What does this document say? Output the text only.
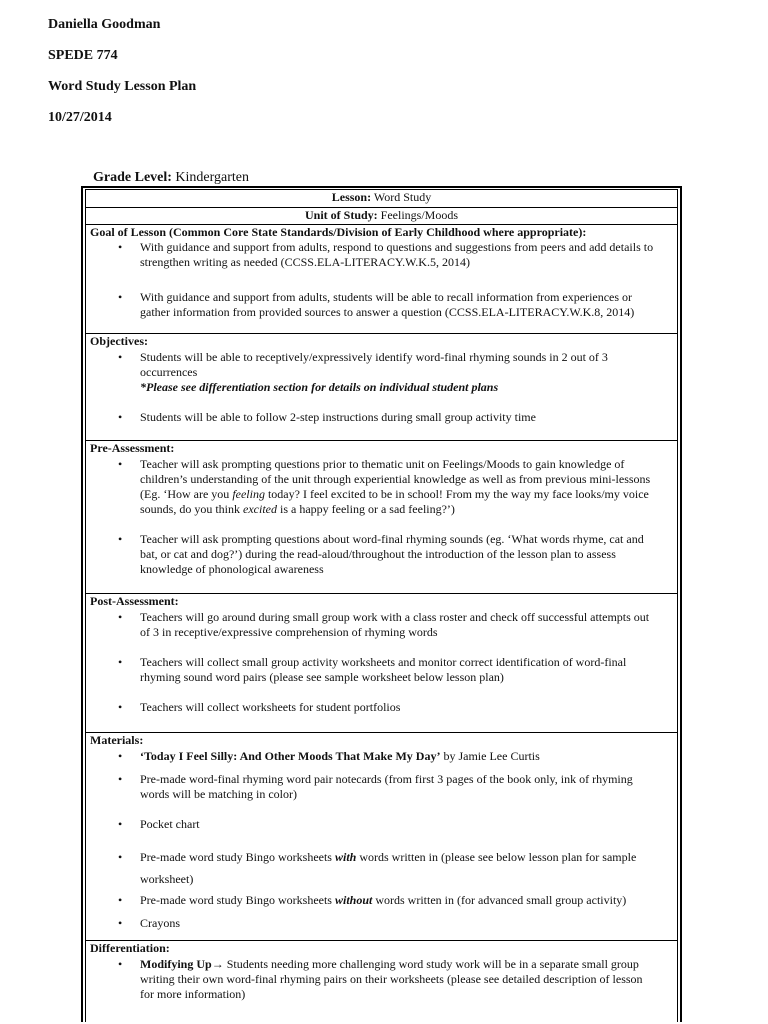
Daniella Goodman
SPEDE 774
Word Study Lesson Plan
10/27/2014
Grade Level: Kindergarten
Lesson: Word Study
Unit of Study: Feelings/Moods
Goal of Lesson (Common Core State Standards/Division of Early Childhood where appropriate):
• With guidance and support from adults, respond to questions and suggestions from peers and add details to strengthen writing as needed (CCSS.ELA-LITERACY.W.K.5, 2014)
• With guidance and support from adults, students will be able to recall information from experiences or gather information from provided sources to answer a question (CCSS.ELA-LITERACY.W.K.8, 2014)
Objectives:
• Students will be able to receptively/expressively identify word-final rhyming sounds in 2 out of 3 occurrences
*Please see differentiation section for details on individual student plans
• Students will be able to follow 2-step instructions during small group activity time
Pre-Assessment:
• Teacher will ask prompting questions prior to thematic unit on Feelings/Moods to gain knowledge of children’s understanding of the unit through experiential knowledge as well as from previous mini-lessons (Eg. ‘How are you feeling today? I feel excited to be in school! From my the way my face looks/my voice sounds, do you think excited is a happy feeling or a sad feeling?’)
• Teacher will ask prompting questions about word-final rhyming sounds (eg. ‘What words rhyme, cat and bat, or cat and dog?’) during the read-aloud/throughout the introduction of the lesson plan to assess knowledge of phonological awareness
Post-Assessment:
• Teachers will go around during small group work with a class roster and check off successful attempts out of 3 in receptive/expressive comprehension of rhyming words
• Teachers will collect small group activity worksheets and monitor correct identification of word-final rhyming sound word pairs (please see sample worksheet below lesson plan)
• Teachers will collect worksheets for student portfolios
Materials:
• ‘Today I Feel Silly: And Other Moods That Make My Day’ by Jamie Lee Curtis
• Pre-made word-final rhyming word pair notecards (from first 3 pages of the book only, ink of rhyming words will be matching in color)
• Pocket chart
• Pre-made word study Bingo worksheets with words written in (please see below lesson plan for sample worksheet)
• Pre-made word study Bingo worksheets without words written in (for advanced small group activity)
• Crayons
Differentiation:
• Modifying Up→ Students needing more challenging word study work will be in a separate small group writing their own word-final rhyming pairs on their worksheets (please see detailed description of lesson for more information)
